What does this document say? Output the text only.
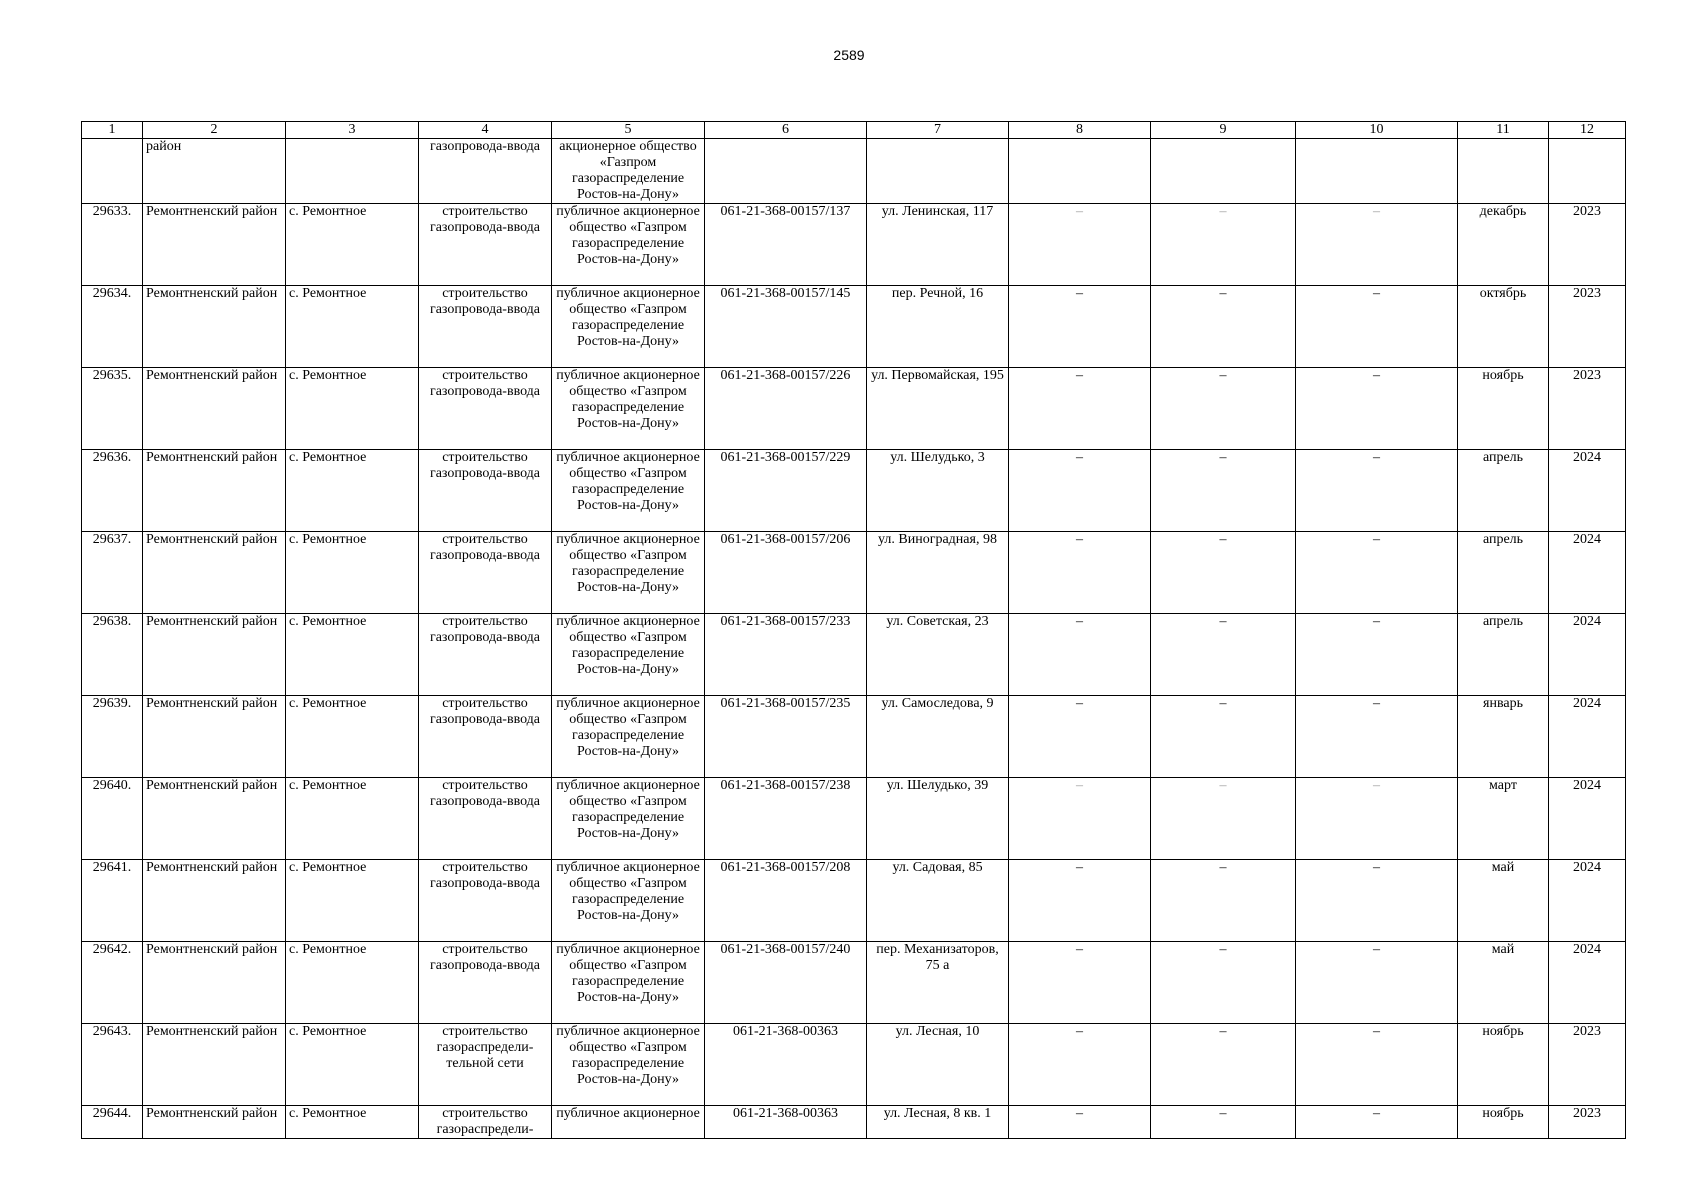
2589
1	2	3	4	5	6	7	8	9	10	11	12
	район		газопровода-ввода	акционерное общество «Газпром газораспределение Ростов-на-Дону»							
29633.	Ремонтненский район	с. Ремонтное	строительство газопровода-ввода	публичное акционерное общество «Газпром газораспределение Ростов-на-Дону»	061-21-368-00157/137	ул. Ленинская, 117	–	–	–	декабрь	2023
29634.	Ремонтненский район	с. Ремонтное	строительство газопровода-ввода	публичное акционерное общество «Газпром газораспределение Ростов-на-Дону»	061-21-368-00157/145	пер. Речной, 16	–	–	–	октябрь	2023
29635.	Ремонтненский район	с. Ремонтное	строительство газопровода-ввода	публичное акционерное общество «Газпром газораспределение Ростов-на-Дону»	061-21-368-00157/226	ул. Первомайская, 195	–	–	–	ноябрь	2023
29636.	Ремонтненский район	с. Ремонтное	строительство газопровода-ввода	публичное акционерное общество «Газпром газораспределение Ростов-на-Дону»	061-21-368-00157/229	ул. Шелудько, 3	–	–	–	апрель	2024
29637.	Ремонтненский район	с. Ремонтное	строительство газопровода-ввода	публичное акционерное общество «Газпром газораспределение Ростов-на-Дону»	061-21-368-00157/206	ул. Виноградная, 98	–	–	–	апрель	2024
29638.	Ремонтненский район	с. Ремонтное	строительство газопровода-ввода	публичное акционерное общество «Газпром газораспределение Ростов-на-Дону»	061-21-368-00157/233	ул. Советская, 23	–	–	–	апрель	2024
29639.	Ремонтненский район	с. Ремонтное	строительство газопровода-ввода	публичное акционерное общество «Газпром газораспределение Ростов-на-Дону»	061-21-368-00157/235	ул. Самоследова, 9	–	–	–	январь	2024
29640.	Ремонтненский район	с. Ремонтное	строительство газопровода-ввода	публичное акционерное общество «Газпром газораспределение Ростов-на-Дону»	061-21-368-00157/238	ул. Шелудько, 39	–	–	–	март	2024
29641.	Ремонтненский район	с. Ремонтное	строительство газопровода-ввода	публичное акционерное общество «Газпром газораспределение Ростов-на-Дону»	061-21-368-00157/208	ул. Садовая, 85	–	–	–	май	2024
29642.	Ремонтненский район	с. Ремонтное	строительство газопровода-ввода	публичное акционерное общество «Газпром газораспределение Ростов-на-Дону»	061-21-368-00157/240	пер. Механизаторов, 75 а	–	–	–	май	2024
29643.	Ремонтненский район	с. Ремонтное	строительство газораспредели-тельной сети	публичное акционерное общество «Газпром газораспределение Ростов-на-Дону»	061-21-368-00363	ул. Лесная, 10	–	–	–	ноябрь	2023
29644.	Ремонтненский район	с. Ремонтное	строительство газораспредели-	публичное акционерное	061-21-368-00363	ул. Лесная, 8 кв. 1	–	–	–	ноябрь	2023
